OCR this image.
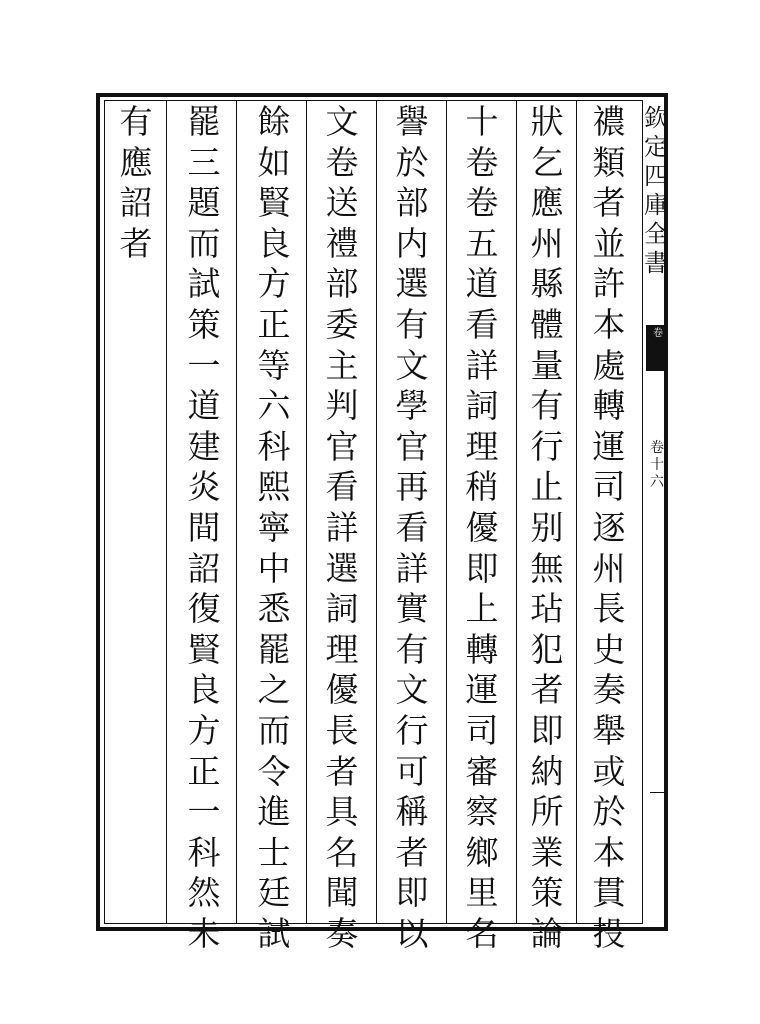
禯
類
者
並
許
本
處
轉
運
司
逐
州
長
史
奏
舉
或
於
本
貫
投
狀
乞
應
州
縣
體
量
有
行
止
别
無
玷
犯
者
即
納
所
業
策
論
十
卷
卷
五
道
看
詳
詞
理
稍
優
即
上
轉
運
司
審
察
鄉
里
名
譽
於
部
内
選
有
文
學
官
再
看
詳
實
有
文
行
可
稱
者
即
以
文
卷
送
禮
部
委
主
判
官
看
詳
選
詞
理
優
長
者
具
名
聞
奏
餘
如
賢
良
方
正
等
六
科
熙
寧
中
悉
罷
之
而
令
進
士
廷
試
罷
三
題
而
試
策
一
道
建
炎
間
詔
復
賢
良
方
正
一
科
然
未
有
應
詔
者
欽
定
四
庫
全
書
卷
卷
十
六
